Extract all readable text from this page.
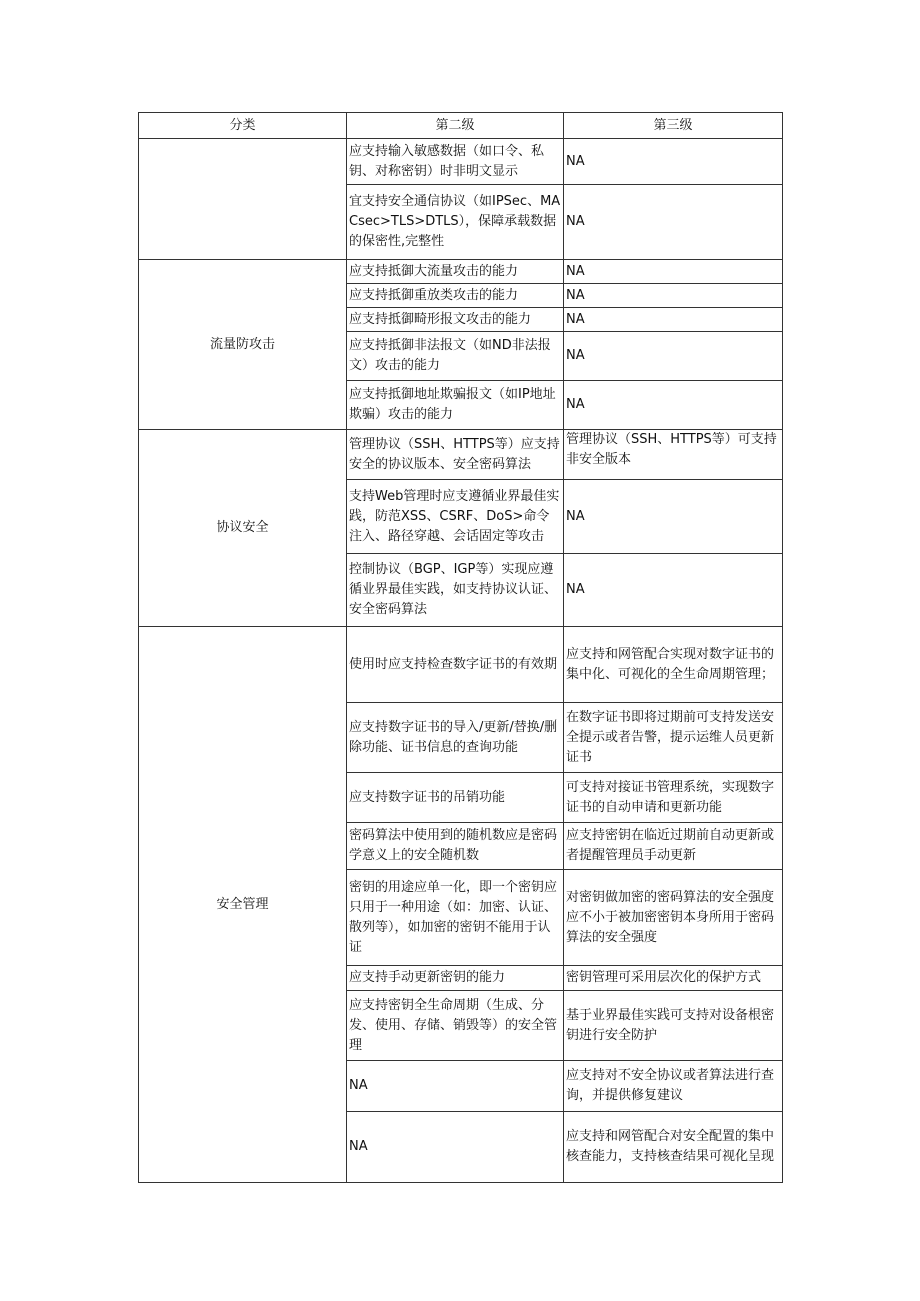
分类	第二级	第三级
	应支持输入敏感数据（如口令、私钥、对称密钥）时非明文显示	NA
	宜支持安全通信协议（如IPSec、MACsec>TLS>DTLS），保障承载数据的保密性,完整性	NA
流量防攻击	应支持抵御大流量攻击的能力	NA
	应支持抵御重放类攻击的能力	NA
	应支持抵御畸形报文攻击的能力	NA
	应支持抵御非法报文（如ND非法报文）攻击的能力	NA
	应支持抵御地址欺骗报文（如IP地址欺骗）攻击的能力	NA
协议安全	管理协议（SSH、HTTPS等）应支持安全的协议版本、安全密码算法	管理协议（SSH、HTTPS等）可支持非安全版本

	支持Web管理时应支遵循业界最佳实践，防范XSS、CSRF、DoS>命令注入、路径穿越、会话固定等攻击	NA
	控制协议（BGP、IGP等）实现应遵循业界最佳实践，如支持协议认证、安全密码算法	NA
安全管理	使用时应支持检查数字证书的有效期	应支持和网管配合实现对数字证书的集中化、可视化的全生命周期管理；
	应支持数字证书的导入/更新/替换/删除功能、证书信息的查询功能	在数字证书即将过期前可支持发送安全提示或者告警，提示运维人员更新证书
	应支持数字证书的吊销功能	可支持对接证书管理系统，实现数字证书的自动申请和更新功能
	密码算法中使用到的随机数应是密码学意义上的安全随机数	应支持密钥在临近过期前自动更新或者提醒管理员手动更新
	密钥的用途应单一化，即一个密钥应只用于一种用途（如：加密、认证、散列等），如加密的密钥不能用于认证	对密钥做加密的密码算法的安全强度应不小于被加密密钥本身所用于密码算法的安全强度
	应支持手动更新密钥的能力	密钥管理可采用层次化的保护方式
	应支持密钥全生命周期（生成、分发、使用、存储、销毁等）的安全管理	基于业界最佳实践可支持对设备根密钥进行安全防护
	NA	应支持对不安全协议或者算法进行查询，并提供修复建议
	NA	应支持和网管配合对安全配置的集中核查能力，支持核查结果可视化呈现
